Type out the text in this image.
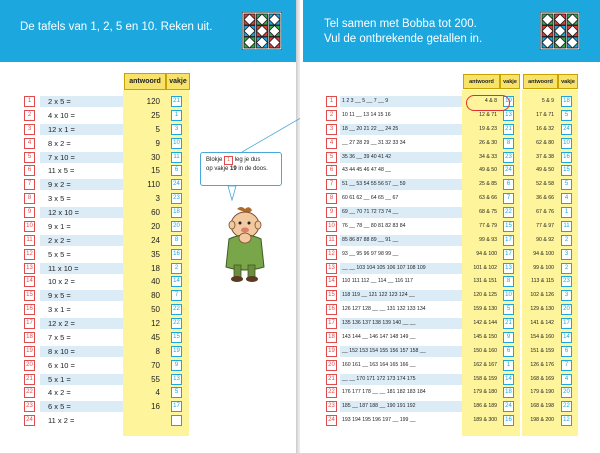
De tafels van 1, 2, 5 en 10. Reken uit.
antwoord	vakje
1	2 x 5 =	120	21
2	4 x 10 =	25	1
3	12 x 1 =	5	3
4	8 x 2 =	9	10
5	7 x 10 =	30	11
6	11 x 5 =	15	6
7	9 x 2 =	110	24
8	3 x 5 =	3	23
9	12 x 10 =	60	18
10 9 x 1 =	20	20
11	2 x 2 =	24	8
12 5 x 5 =	35	16
13 11 x 10 =	18	2
14 10 x 2 =	40	14
15 9 x 5 =	80	7
16 3 x 1 =	50	22
17 12 x 2 =	12	22
18 7 x 5 =	45	15
19 8 x 10 =	8	19
20 6 x 10 =	70	9
21 5 x 1 =	55	13
22 4 x 2 =	4	5
23 6 x 5 =	16	17
24 11 x 2 =
Blokje 1 leg je dus
op vakje 19 in de doos.
Tel samen met Bobba tot 200.
Vul de ontbrekende getallen in.
antwoord	vakje	antwoord	vakje
1	1 2 3 __ 5 __ 7 __ 9	4 & 8	19	5 & 9	18
2	10 11 __ 13 14 15 16	12 & 71	13	17 & 71	5
3	18 __ 20 21 22 __ 24 25	19 & 23	21	16 & 32	24
4	__ 27 28 29 __ 31 32 33 34	26 & 30	8	62 & 80	10
5	35 36 __ 39 40 41 42	34 & 33	23	37 & 38	16
6	43 44 45 46 47 48 __	49 & 50	24	49 & 50	15
7	51 __ 53 54 55 56 57 __ 59	25 & 85	6	52 & 58	5
8	60 61 62 __ 64 65 __ 67	63 & 66	7	36 & 66	4
9	69 __ 70 71 72 73 74 __	68 & 75	22	67 & 76	1
10	76 __ 78 __ 80 81 82 83 84	77 & 79	15	77 & 97	11
11	85 86 87 88 89 __ 91 __	99 & 93	17	90 & 92	2
12	93 __ 95 96 97 98 99 __	94 & 100	17	94 & 100	3
13	__ __ 103 104 105 106 107 108 109	101 & 102	13	99 & 100	2
14	110 111 112 __ 114 __ 116 117	131 & 151	8	113 & 115	23
15	118 119 __ 121 122 123 124 __	120 & 125	10	102 & 126	3
16	126 127 128 __ __ 131 132 133 134	159 & 130	5	129 & 130	20
17	135 136 137 138 139 140 __ __	142 & 144	21	141 & 142	17
18	143 144 __ 146 147 148 149 __	145 & 150	9	154 & 160	14
19	__ 152 153 154 155 156 157 158 __	150 & 160	6	151 & 159	6
20	160 161 __ 163 164 165 166 __	162 & 167	1	126 & 176	7
21	__ __ 170 171 172 173 174 175	158 & 159	14	168 & 169	4
22	176 177 178 __ __ 181 182 183 184	179 & 180	18	179 & 190	20
23	185 __ 187 188 __ 190 191 192	186 & 189	24	168 & 198	22
24	193 194 195 196 197 __ 199 __	189 & 300	16	198 & 200	12
